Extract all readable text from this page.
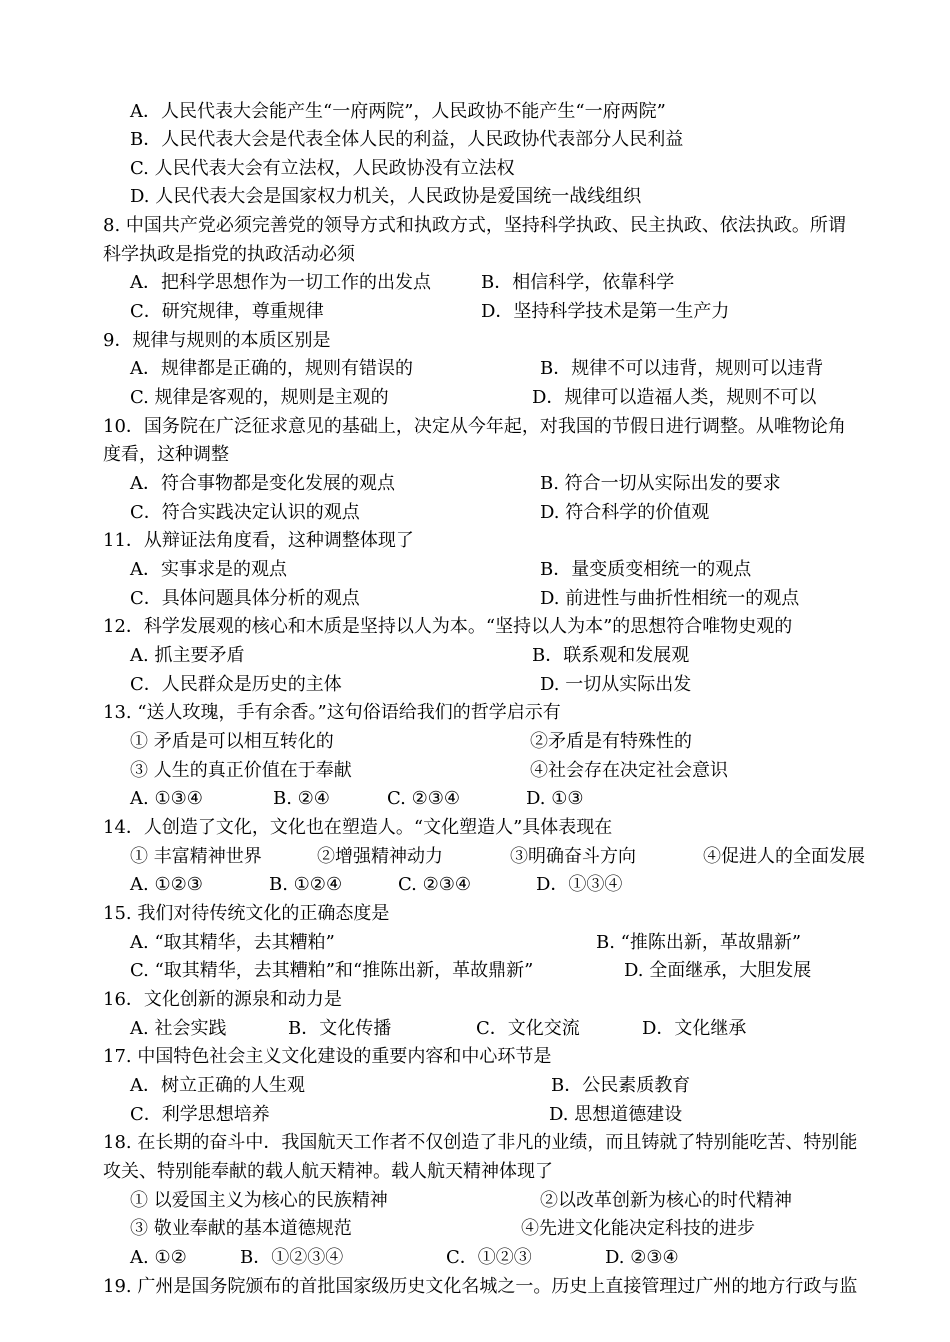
A．人民代表大会能产生“一府两院”，人民政协不能产生“一府两院”
B．人民代表大会是代表全体人民的利益，人民政协代表部分人民利益
C. 人民代表大会有立法权，人民政协没有立法权
D. 人民代表大会是国家权力机关，人民政协是爱国统一战线组织
8. 中国共产党必须完善党的领导方式和执政方式，坚持科学执政、民主执政、依法执政。所谓
科学执政是指党的执政活动必须
A．把科学思想作为一切工作的出发点	B．相信科学，依靠科学
C．研究规律，尊重规律	D．坚持科学技术是第一生产力
9．规律与规则的本质区别是
A．规律都是正确的，规则有错误的	B．规律不可以违背，规则可以违背
C. 规律是客观的，规则是主观的	D．规律可以造福人类，规则不可以
10．国务院在广泛征求意见的基础上，决定从今年起，对我国的节假日进行调整。从唯物论角
度看，这种调整
A．符合事物都是变化发展的观点	B. 符合一切从实际出发的要求
C．符合实践决定认识的观点	D. 符合科学的价值观
11．从辩证法角度看，这种调整体现了
A．实事求是的观点	B．量变质变相统一的观点
C．具体问题具体分析的观点	D. 前进性与曲折性相统一的观点
12．科学发展观的核心和木质是坚持以人为本。“坚持以人为本”的思想符合唯物史观的
A. 抓主要矛盾	B．联系观和发展观
C．人民群众是历史的主体	D. 一切从实际出发
13. “送人玫瑰，手有余香。”这句俗语给我们的哲学启示有
① 矛盾是可以相互转化的	②矛盾是有特殊性的
③ 人生的真正价值在于奉献	④社会存在决定社会意识
A. ①③④	B. ②④	C. ②③④	D. ①③
14．人创造了文化，文化也在塑造人。“文化塑造人”具体表现在
① 丰富精神世界	②增强精神动力	③明确奋斗方向	④促进人的全面发展
A. ①②③	B. ①②④	C. ②③④	D．①③④
15. 我们对待传统文化的正确态度是
A. “取其精华，去其糟粕”	B. “推陈出新，革故鼎新”
C. “取其精华，去其糟粕”和“推陈出新，革故鼎新”	D. 全面继承，大胆发展
16．文化创新的源泉和动力是
A. 社会实践	B．文化传播	C．文化交流	D．文化继承
17. 中国特色社会主义文化建设的重要内容和中心环节是
A．树立正确的人生观	B．公民素质教育
C．利学思想培养	D. 思想道德建设
18. 在长期的奋斗中．我国航天工作者不仅创造了非凡的业绩，而且铸就了特别能吃苦、特别能
攻关、特别能奉献的载人航天精神。载人航天精神体现了
① 以爱国主义为核心的民族精神	②以改革创新为核心的时代精神
③ 敬业奉献的基本道德规范	④先进文化能决定科技的进步
A. ①②	B．①②③④	C．①②③	D. ②③④
19. 广州是国务院颁布的首批国家级历史文化名城之一。历史上直接管理过广州的地方行政与监
